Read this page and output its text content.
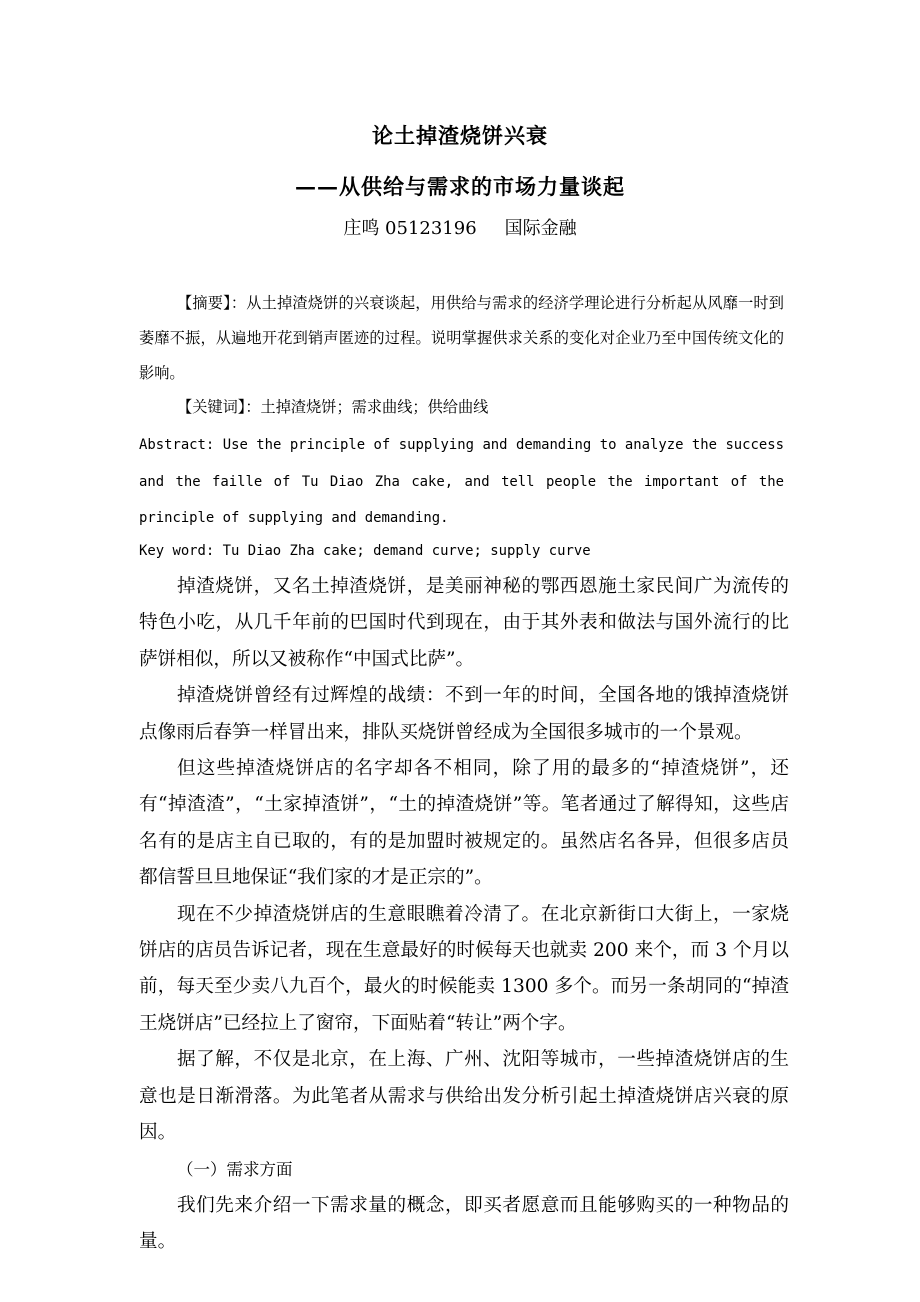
论土掉渣烧饼兴衰
——从供给与需求的市场力量谈起
庄鸣 05123196 国际金融
【摘要】：从土掉渣烧饼的兴衰谈起，用供给与需求的经济学理论进行分析起从风靡一时到萎靡不振，从遍地开花到销声匿迹的过程。说明掌握供求关系的变化对企业乃至中国传统文化的影响。
【关键词】：土掉渣烧饼；需求曲线；供给曲线
Abstract: Use the principle of supplying and demanding to analyze the success and the faille of Tu Diao Zha cake, and tell people the important of the principle of supplying and demanding.
Key word: Tu Diao Zha cake; demand curve; supply curve

掉渣烧饼，又名土掉渣烧饼，是美丽神秘的鄂西恩施土家民间广为流传的特色小吃，从几千年前的巴国时代到现在，由于其外表和做法与国外流行的比萨饼相似，所以又被称作“中国式比萨”。

掉渣烧饼曾经有过辉煌的战绩：不到一年的时间，全国各地的饿掉渣烧饼点像雨后春笋一样冒出来，排队买烧饼曾经成为全国很多城市的一个景观。

但这些掉渣烧饼店的名字却各不相同，除了用的最多的“掉渣烧饼”，还有“掉渣渣”，“土家掉渣饼”，“土的掉渣烧饼”等。笔者通过了解得知，这些店名有的是店主自已取的，有的是加盟时被规定的。虽然店名各异，但很多店员都信誓旦旦地保证“我们家的才是正宗的”。

现在不少掉渣烧饼店的生意眼瞧着冷清了。在北京新街口大街上，一家烧饼店的店员告诉记者，现在生意最好的时候每天也就卖 200 来个，而 3 个月以前，每天至少卖八九百个，最火的时候能卖 1300 多个。而另一条胡同的“掉渣王烧饼店”已经拉上了窗帘，下面贴着“转让”两个字。

据了解，不仅是北京，在上海、广州、沈阳等城市，一些掉渣烧饼店的生意也是日渐滑落。为此笔者从需求与供给出发分析引起土掉渣烧饼店兴衰的原因。

（一）需求方面

我们先来介绍一下需求量的概念，即买者愿意而且能够购买的一种物品的量。
